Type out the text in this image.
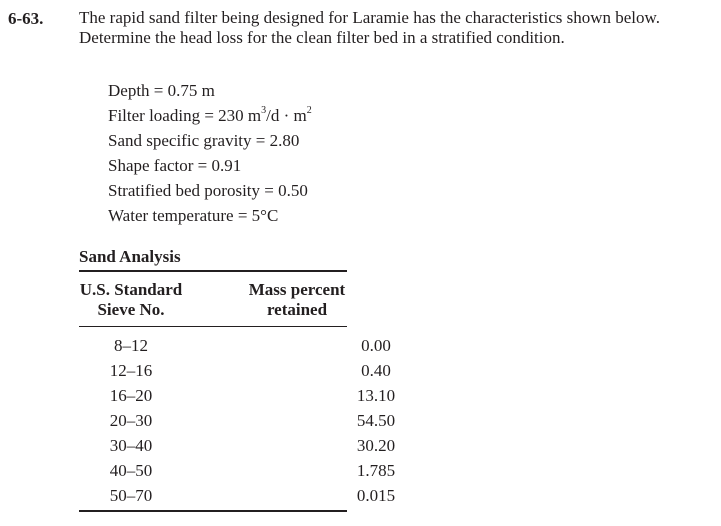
6-63. The rapid sand filter being designed for Laramie has the characteristics shown below. Determine the head loss for the clean filter bed in a stratified condition.
Depth = 0.75 m
Filter loading = 230 $m^3/d \cdot m^2$
Sand specific gravity = 2.80
Shape factor = 0.91
Stratified bed porosity = 0.50
Water temperature = 5°C
Sand Analysis
U.S. Standard
Sieve No.
Mass percent
retained
8–12	0.00
12–16	0.40
16–20	13.10
20–30	54.50
30–40	30.20
40–50	1.785
50–70	0.015
